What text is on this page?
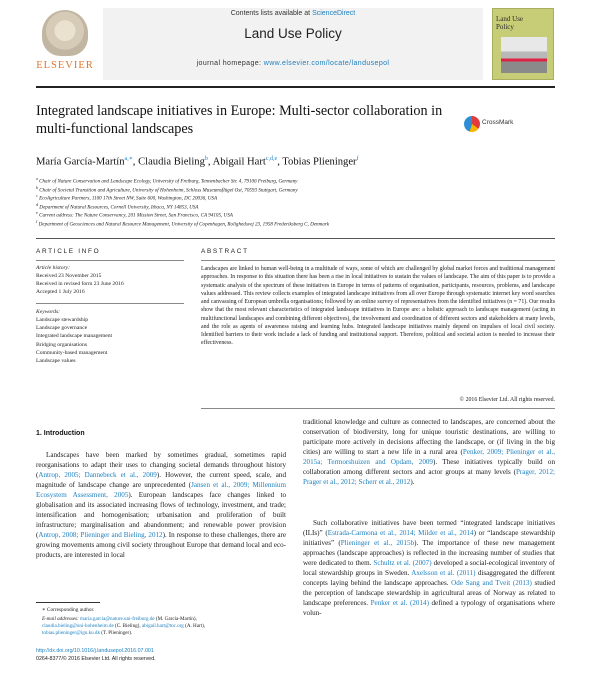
ELSEVIER
Contents lists available at ScienceDirect
Land Use Policy
journal homepage: www.elsevier.com/locate/landusepol
Land Use
Policy
Integrated landscape initiatives in Europe: Multi-sector collaboration in multi-functional landscapes	CrossMark
María García-Martín$^{a,∗}$, Claudia Bieling$^b$, Abigail Hart$^{c,d,e}$, Tobias Plieninger$^f$
$^a$ Chair of Nature Conservation and Landscape Ecology, University of Freiburg, Tennenbacher Str. 4, 79106 Freiburg, Germany
$^b$ Chair of Societal Transition and Agriculture, University of Hohenheim, Schloss Museumsflügel Ost, 70593 Stuttgart, Germany
$^c$ EcoAgriculture Partners, 1100 17th Street NW, Suite 600, Washington, DC 20036, USA
$^d$ Department of Natural Resources, Cornell University, Ithaca, NY 14853, USA
$^e$ Current address: The Nature Conservancy, 201 Mission Street, San Francisco, CA 94105, USA
$^f$ Department of Geosciences and Natural Resource Management, University of Copenhagen, Rolighedsvej 23, 1958 Frederiksberg C, Denmark
ARTICLE INFO
Article history:
Received 23 November 2015
Received in revised form 23 June 2016
Accepted 1 July 2016
Keywords:
Landscape stewardship
Landscape governance
Integrated landscape management
Bridging organisations
Community-based management
Landscape values
ABSTRACT
Landscapes are linked to human well-being in a multitude of ways, some of which are challenged by global market forces and traditional management approaches. In response to this situation there has been a rise in local initiatives to sustain the values of landscape. The aim of this paper is to provide a systematic analysis of the spectrum of these initiatives in Europe in terms of patterns of organisation, participants, resources, problems, and landscape values addressed. This review collects examples of integrated landscape initiatives from all over Europe through systematic internet key word searches and canvassing of European umbrella organisations; followed by an online survey of representatives from the identified initiatives (n = 71). Our results show that the most relevant characteristics of integrated landscape initiatives in Europe are: a holistic approach to landscape management (acting in multifunctional landscapes and combining different objectives), the involvement and coordination of different sectors and stakeholders at many levels, and the role as agents of awareness raising and learning hubs. Integrated landscape initiatives mainly depend on impulses of local civil society. Identified barriers to their work include a lack of funding and institutional support. Therefore, political and societal action is needed to increase their effectiveness.
© 2016 Elsevier Ltd. All rights reserved.
1. Introduction
Landscapes have been marked by sometimes gradual, sometimes rapid reorganisations to adapt their uses to changing societal demands throughout history (Antrop, 2005; Dannebeck et al., 2009). However, the current speed, scale, and magnitude of landscape change are unprecedented (Jansen et al., 2009; Millennium Ecosystem Assessment, 2005). European landscapes face changes linked to globalisation and its associated increasing flows of technology, investment, and trade; intensification and homogenisation; urbanisation and proliferation of built infrastructure; marginalisation and abandonment; and renewable power provision (Antrop, 2008; Plieninger and Bieling, 2012). In response to these challenges, there are growing movements among civil society throughout Europe that demand local and eco-products, are interested in local
traditional knowledge and culture as connected to landscapes, are concerned about the conservation of biodiversity, long for unique touristic destinations, are willing to participate more actively in decisions affecting the landscape, or (if living in the big cities) are willing to start a new life in a rural area (Penker, 2009; Plieninger et al., 2015a; Termorshuizen and Opdam, 2009). These initiatives typically build on collaboration among different sectors and actor groups at many levels (Prager, 2012; Prager et al., 2012; Scherr et al., 2012).
Such collaborative initiatives have been termed “integrated landscape initiatives (ILIs)” (Estrada-Carmona et al., 2014; Milder et al., 2014) or “landscape stewardship initiatives” (Plieninger et al., 2015b). The importance of these new management approaches (landscape approaches) is reflected in the increasing number of studies that were dedicated to them. Schultz et al. (2007) developed a social-ecological inventory of local stewardship groups in Sweden. Axelsson et al. (2011) disaggregated the different concepts laying behind the landscape approaches. Ode Sang and Tveit (2013) studied the perception of landscape stewardship in agricultural areas of Norway as related to landscape preferences. Penker et al. (2014) defined a typology of organisations where volun-
∗ Corresponding author.
E-mail addresses: maria.garcia@nature.uni-freiburg.de (M. García-Martín),
claudia.bieling@uni-hohenheim.de (C. Bieling), abigail.hart@tnc.org (A. Hart),
tobias.plieninger@ign.ku.dk (T. Plieninger).
http://dx.doi.org/10.1016/j.landusepol.2016.07.001
0264-8377/© 2016 Elsevier Ltd. All rights reserved.
